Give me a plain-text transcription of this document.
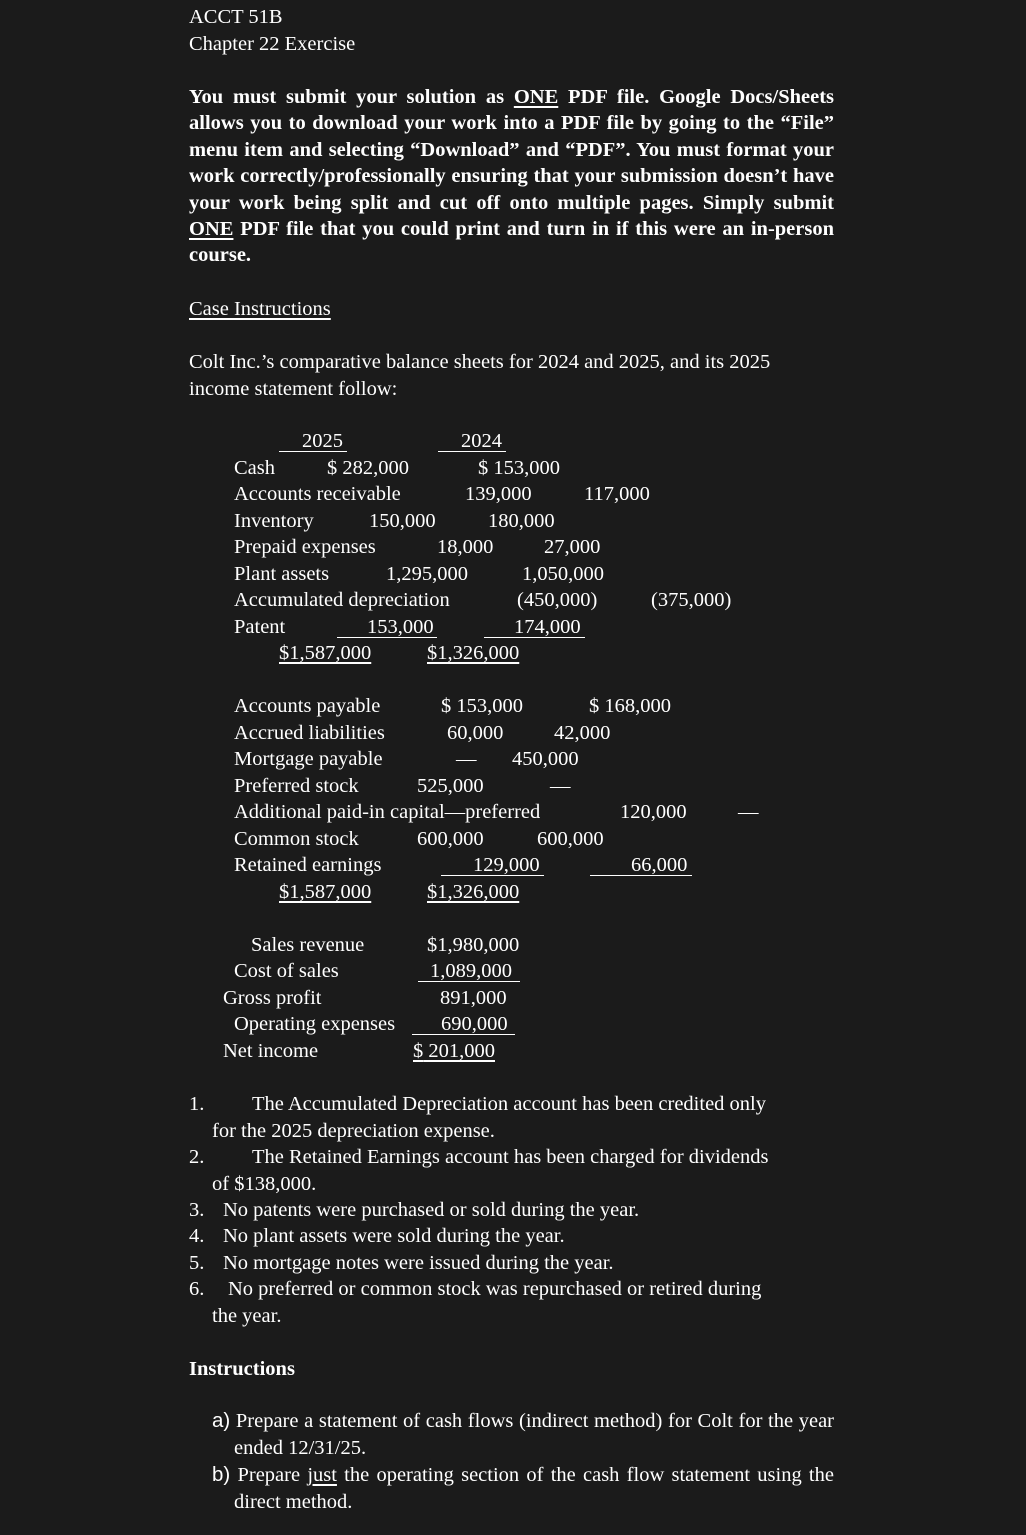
ACCT 51B
Chapter 22 Exercise
You must submit your solution as ONE PDF file. Google Docs/Sheets allows you to download your work into a PDF file by going to the “File” menu item and selecting “Download” and “PDF”. You must format your work correctly/professionally ensuring that your submission doesn’t have your work being split and cut off onto multiple pages. Simply submit ONE PDF file that you could print and turn in if this were an in-person course.
Case Instructions
Colt Inc.’s comparative balance sheets for 2024 and 2025, and its 2025 income statement follow:
2025	2024
Cash	$ 282,000	$ 153,000
Accounts receivable	139,000	117,000
Inventory	150,000	180,000
Prepaid expenses	18,000 27,000
Plant assets	1,295,000	1,050,000
Accumulated depreciation	(450,000)	(375,000)
Patent	153,000	174,000
$1,587,000	$1,326,000
Accounts payable	$ 153,000	$ 168,000
Accrued liabilities	60,000 42,000
Mortgage payable	— 450,000
Preferred stock	525,000	—
Additional paid-in capital—preferred	120,000	—
Common stock	600,000	600,000
Retained earnings	129,000	66,000
$1,587,000	$1,326,000
Sales revenue	$1,980,000
Cost of sales	1,089,000
Gross profit	891,000
Operating expenses 690,000
Net income	$ 201,000
1. The Accumulated Depreciation account has been credited only
for the 2025 depreciation expense.
2. The Retained Earnings account has been charged for dividends
of $138,000.
3. No patents were purchased or sold during the year.
4. No plant assets were sold during the year.
5. No mortgage notes were issued during the year.
6. No preferred or common stock was repurchased or retired during
the year.
Instructions
a) Prepare a statement of cash flows (indirect method) for Colt for the year ended 12/31/25.
b) Prepare just the operating section of the cash flow statement using the direct method.
